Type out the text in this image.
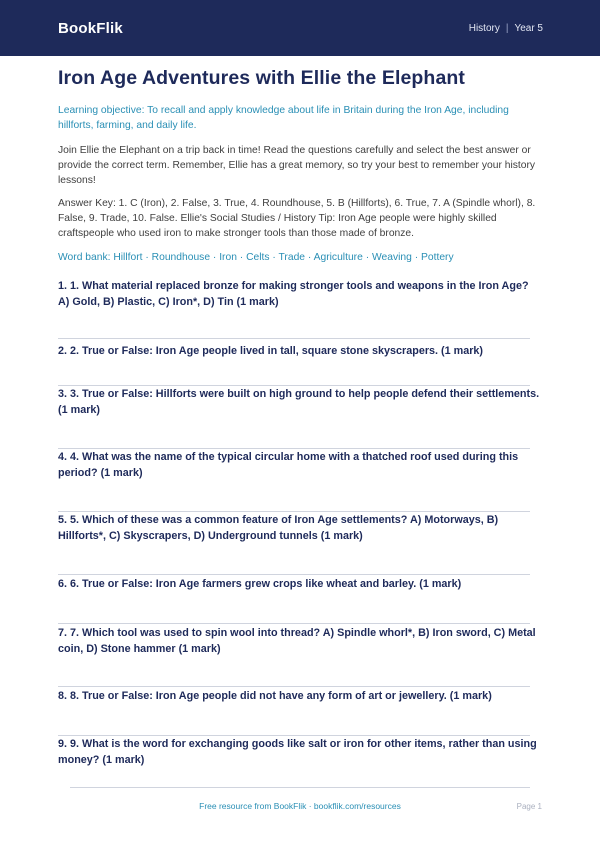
BookFlik	History | Year 5
Iron Age Adventures with Ellie the Elephant
Learning objective: To recall and apply knowledge about life in Britain during the Iron Age, including hillforts, farming, and daily life.
Join Ellie the Elephant on a trip back in time! Read the questions carefully and select the best answer or provide the correct term. Remember, Ellie has a great memory, so try your best to remember your history lessons!
Answer Key: 1. C (Iron), 2. False, 3. True, 4. Roundhouse, 5. B (Hillforts), 6. True, 7. A (Spindle whorl), 8. False, 9. Trade, 10. False. Ellie's Social Studies / History Tip: Iron Age people were highly skilled craftspeople who used iron to make stronger tools than those made of bronze.
Word bank: Hillfort · Roundhouse · Iron · Celts · Trade · Agriculture · Weaving · Pottery

1. 1. What material replaced bronze for making stronger tools and weapons in the Iron Age? A) Gold, B) Plastic, C) Iron*, D) Tin (1 mark)

2. 2. True or False: Iron Age people lived in tall, square stone skyscrapers. (1 mark)

3. 3. True or False: Hillforts were built on high ground to help people defend their settlements. (1 mark)

4. 4. What was the name of the typical circular home with a thatched roof used during this period? (1 mark)

5. 5. Which of these was a common feature of Iron Age settlements? A) Motorways, B) Hillforts*, C) Skyscrapers, D) Underground tunnels (1 mark)

6. 6. True or False: Iron Age farmers grew crops like wheat and barley. (1 mark)

7. 7. Which tool was used to spin wool into thread? A) Spindle whorl*, B) Iron sword, C) Metal coin, D) Stone hammer (1 mark)

8. 8. True or False: Iron Age people did not have any form of art or jewellery. (1 mark)

9. 9. What is the word for exchanging goods like salt or iron for other items, rather than using money? (1 mark)

Free resource from BookFlik · bookflik.com/resources	Page 1
